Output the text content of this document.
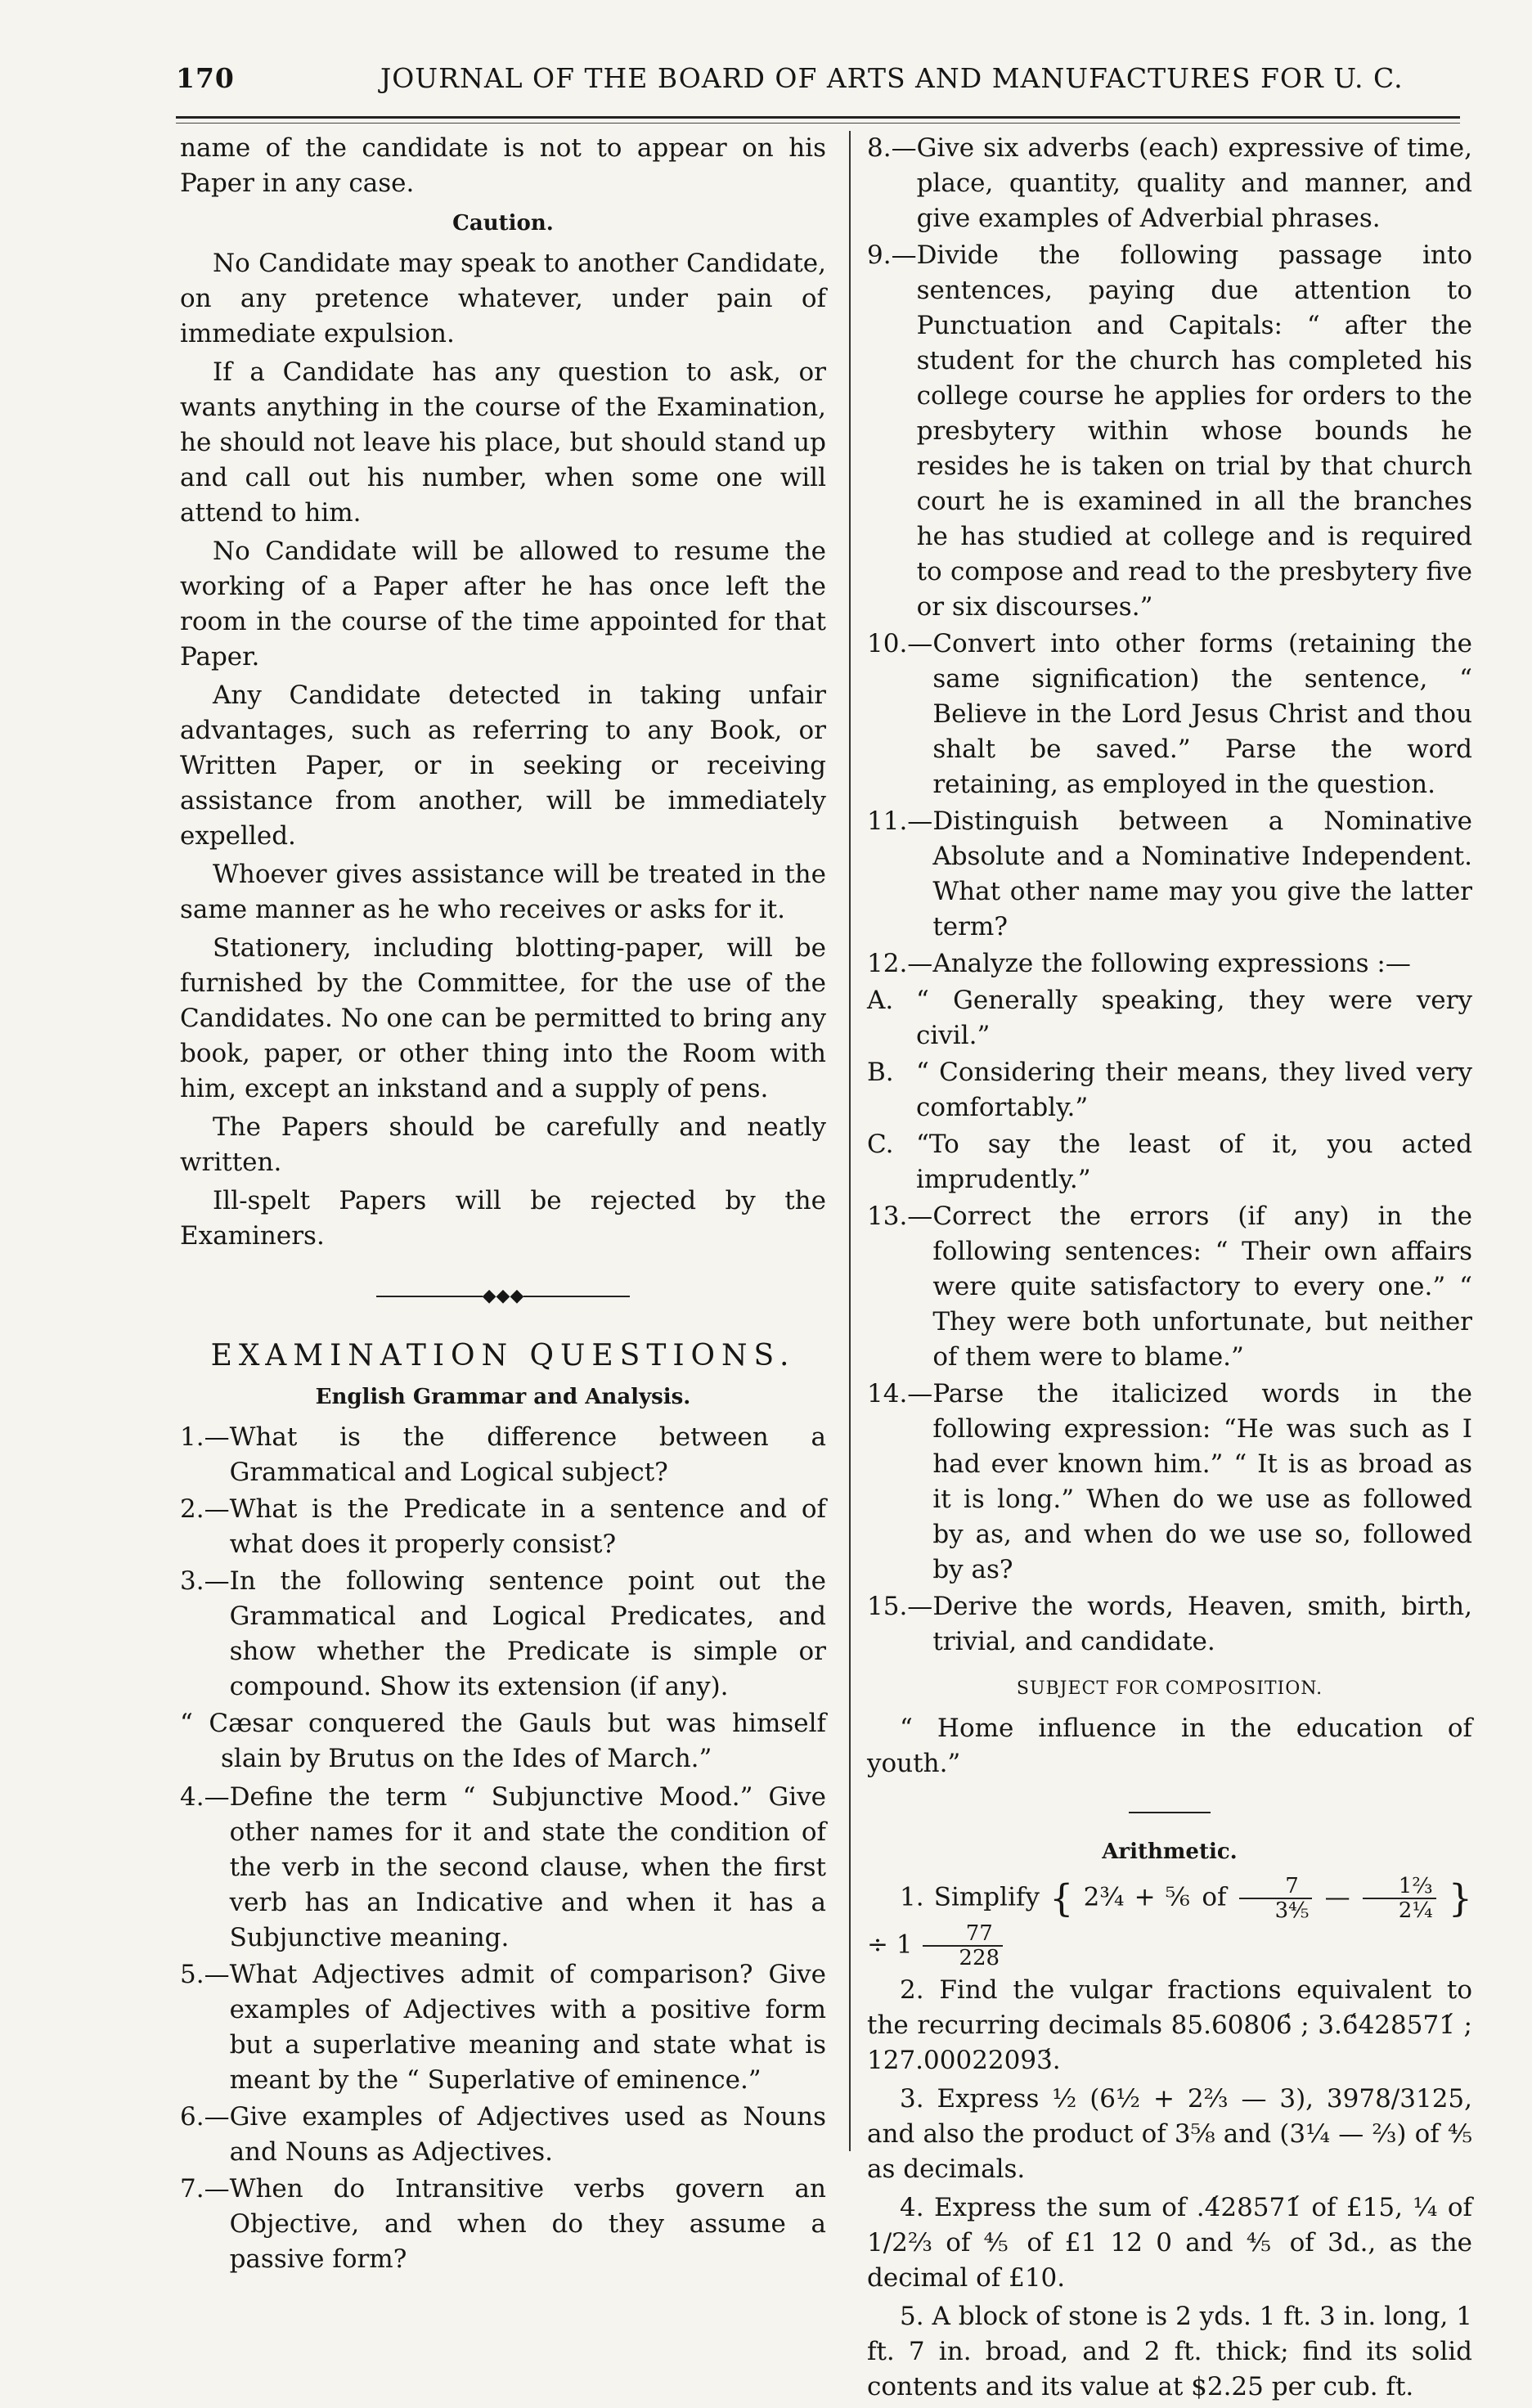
170	JOURNAL OF THE BOARD OF ARTS AND MANUFACTURES FOR U. C.

name of the candidate is not to appear on his Paper in any case.

Caution.

No Candidate may speak to another Candidate, on any pretence whatever, under pain of immediate expulsion.

If a Candidate has any question to ask, or wants anything in the course of the Examination, he should not leave his place, but should stand up and call out his number, when some one will attend to him.

No Candidate will be allowed to resume the working of a Paper after he has once left the room in the course of the time appointed for that Paper.

Any Candidate detected in taking unfair advantages, such as referring to any Book, or Written Paper, or in seeking or receiving assistance from another, will be immediately expelled.

Whoever gives assistance will be treated in the same manner as he who receives or asks for it.

Stationery, including blotting-paper, will be furnished by the Committee, for the use of the Candidates. No one can be permitted to bring any book, paper, or other thing into the Room with him, except an inkstand and a supply of pens.

The Papers should be carefully and neatly written.

Ill-spelt Papers will be rejected by the Examiners.

◆◆◆
EXAMINATION QUESTIONS.
English Grammar and Analysis.
1.— What is the difference between a Grammatical and Logical subject?
2.— What is the Predicate in a sentence and of what does it properly consist?
3.— In the following sentence point out the Grammatical and Logical Predicates, and show whether the Predicate is simple or compound. Show its extension (if any).

“ Cæsar conquered the Gauls but was himself slain by Brutus on the Ides of March.”

4.— Define the term “ Subjunctive Mood.” Give other names for it and state the condition of the verb in the second clause, when the first verb has an Indicative and when it has a Subjunctive meaning.
5.— What Adjectives admit of comparison? Give examples of Adjectives with a positive form but a superlative meaning and state what is meant by the “ Superlative of eminence.”
6.— Give examples of Adjectives used as Nouns and Nouns as Adjectives.
7.— When do Intransitive verbs govern an Objective, and when do they assume a passive form?
8.— Give six adverbs (each) expressive of time, place, quantity, quality and manner, and give examples of Adverbial phrases.
9.— Divide the following passage into sentences, paying due attention to Punctuation and Capitals: “ after the student for the church has completed his college course he applies for orders to the presbytery within whose bounds he resides he is taken on trial by that church court he is examined in all the branches he has studied at college and is required to compose and read to the presbytery five or six discourses.”
10.— Convert into other forms (retaining the same signification) the sentence, “ Believe in the Lord Jesus Christ and thou shalt be saved.” Parse the word retaining, as employed in the question.
11.— Distinguish between a Nominative Absolute and a Nominative Independent. What other name may you give the latter term?
12.— Analyze the following expressions :—
A. “ Generally speaking, they were very civil.”
B. “ Considering their means, they lived very comfortably.”
C. “To say the least of it, you acted imprudently.”
13.— Correct the errors (if any) in the following sentences: “ Their own affairs were quite satisfactory to every one.” “ They were both unfortunate, but neither of them were to blame.”
14.— Parse the italicized words in the following expression: “He was such as I had ever known him.” “ It is as broad as it is long.” When do we use as followed by as, and when do we use so, followed by as?
15.— Derive the words, Heaven, smith, birth, trivial, and candidate.
SUBJECT FOR COMPOSITION.

“ Home influence in the education of youth.”

Arithmetic.

1. Simplify { 2¾ + ⅚ of $\frac{7}{\text{3⅘}}$ — $\frac{\text{1⅔}}{\text{2¼}}$ } ÷ $1 \frac{77}{228}$

2. Find the vulgar fractions equivalent to the recurring decimals 85.60806́ ; 3.6́428571́ ; 127.00022093́.

3. Express ½ (6½ + 2⅔ — 3), 3978/3125, and also the product of 3⅝ and (3¼ — ⅔) of ⅘ as decimals.

4. Express the sum of .4́28571́ of £15, ¼ of 1/2⅔ of ⅘ of £1 12 0 and ⅘ of 3d., as the decimal of £10.

5. A block of stone is 2 yds. 1 ft. 3 in. long, 1 ft. 7 in. broad, and 2 ft. thick; find its solid contents and its value at $2.25 per cub. ft.
